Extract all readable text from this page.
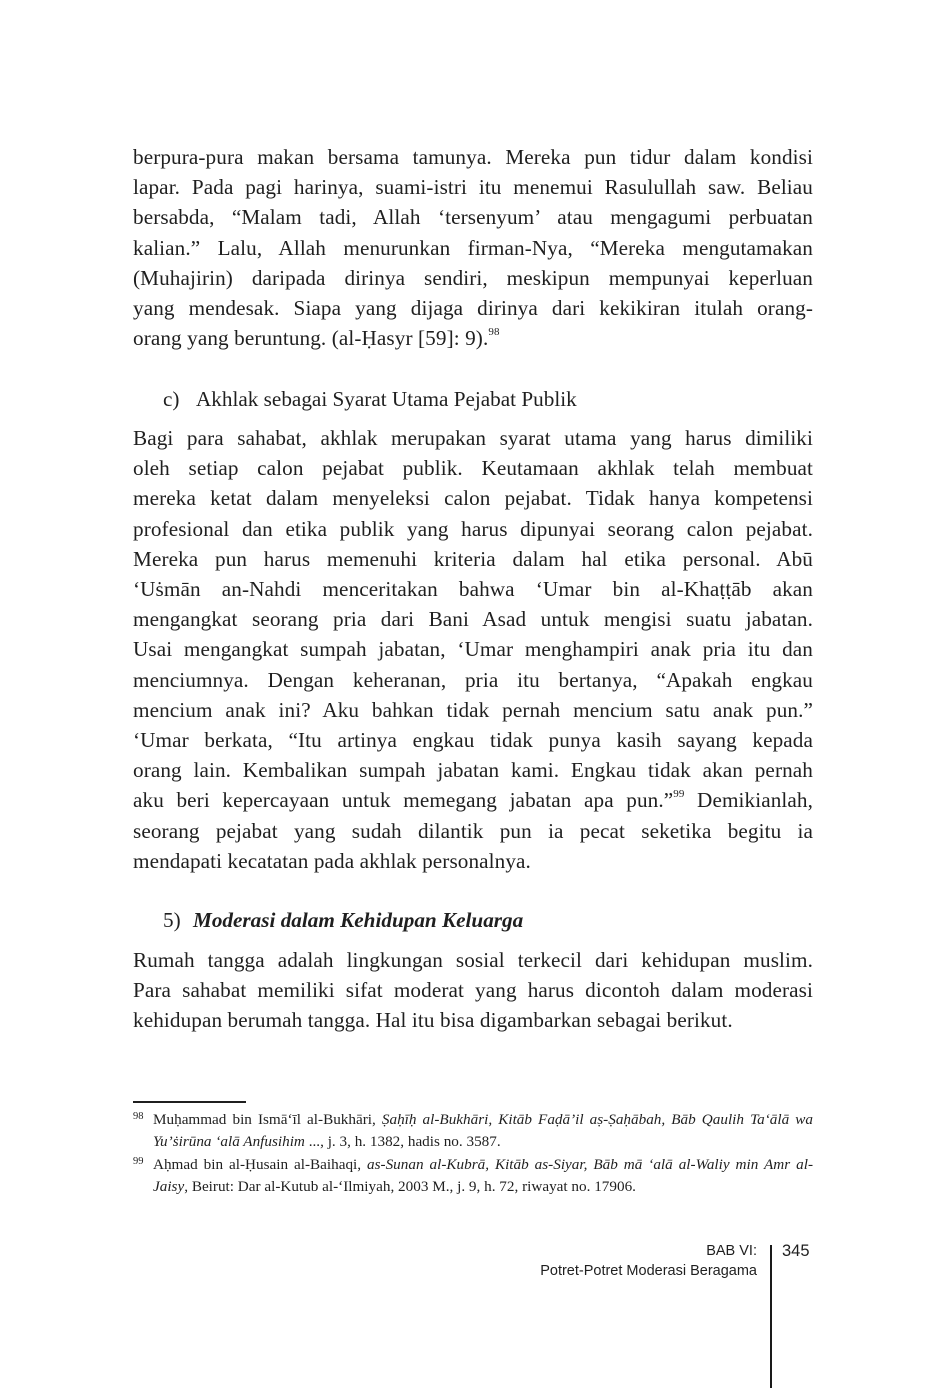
berpura-pura makan bersama tamunya. Mereka pun tidur dalam kondisi
lapar. Pada pagi harinya, suami-istri itu menemui Rasulullah saw. Beliau
bersabda, “Malam tadi, Allah ‘tersenyum’ atau mengagumi perbuatan
kalian.” Lalu, Allah menurunkan firman-Nya, “Mereka mengutamakan
(Muhajirin) daripada dirinya sendiri, meskipun mempunyai keperluan
yang mendesak. Siapa yang dijaga dirinya dari kekikiran itulah orang-
orang yang beruntung. (al-Ḥasyr [59]: 9).$^{98}$
c) Akhlak sebagai Syarat Utama Pejabat Publik
Bagi para sahabat, akhlak merupakan syarat utama yang harus dimiliki
oleh setiap calon pejabat publik. Keutamaan akhlak telah membuat
mereka ketat dalam menyeleksi calon pejabat. Tidak hanya kompetensi
profesional dan etika publik yang harus dipunyai seorang calon pejabat.
Mereka pun harus memenuhi kriteria dalam hal etika personal. Abū
‘Uṡmān an-Nahdi menceritakan bahwa ‘Umar bin al-Khaṭṭāb akan
mengangkat seorang pria dari Bani Asad untuk mengisi suatu jabatan.
Usai mengangkat sumpah jabatan, ‘Umar menghampiri anak pria itu dan
menciumnya. Dengan keheranan, pria itu bertanya, “Apakah engkau
mencium anak ini? Aku bahkan tidak pernah mencium satu anak pun.”
‘Umar berkata, “Itu artinya engkau tidak punya kasih sayang kepada
orang lain. Kembalikan sumpah jabatan kami. Engkau tidak akan pernah
aku beri kepercayaan untuk memegang jabatan apa pun.”$^{99}$ Demikianlah,
seorang pejabat yang sudah dilantik pun ia pecat seketika begitu ia
mendapati kecatatan pada akhlak personalnya.
5) Moderasi dalam Kehidupan Keluarga
Rumah tangga adalah lingkungan sosial terkecil dari kehidupan muslim.
Para sahabat memiliki sifat moderat yang harus dicontoh dalam moderasi
kehidupan berumah tangga. Hal itu bisa digambarkan sebagai berikut.

98 Muḥammad bin Ismā‘īl al-Bukhāri, Ṣaḥīḥ al-Bukhāri, Kitāb Faḍā’il aṣ-Ṣaḥābah, Bāb Qaulih Ta‘ālā wa Yu’ṡirūna ‘alā Anfusihim ..., j. 3, h. 1382, hadis no. 3587.

99 Aḥmad bin al-Ḥusain al-Baihaqi, as-Sunan al-Kubrā, Kitāb as-Siyar, Bāb mā ‘alā al-Waliy min Amr al-Jaisy, Beirut: Dar al-Kutub al-‘Ilmiyah, 2003 M., j. 9, h. 72, riwayat no. 17906.

BAB VI:
Potret-Potret Moderasi Beragama
345
